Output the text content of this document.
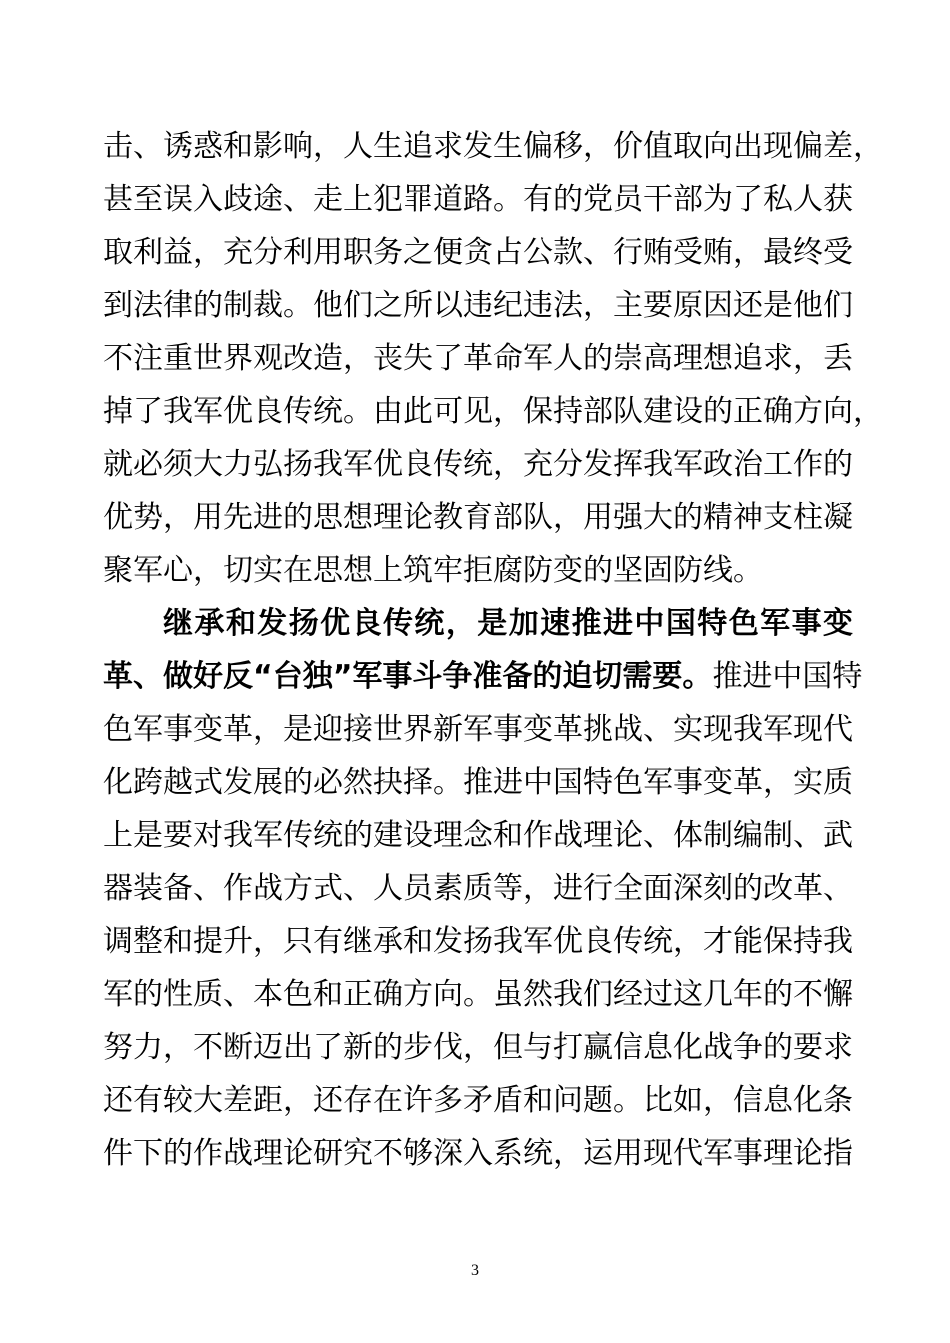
击、诱惑和影响，人生追求发生偏移，价值取向出现偏差，
甚至误入歧途、走上犯罪道路。有的党员干部为了私人获
取利益，充分利用职务之便贪占公款、行贿受贿，最终受
到法律的制裁。他们之所以违纪违法，主要原因还是他们
不注重世界观改造，丧失了革命军人的崇高理想追求，丢
掉了我军优良传统。由此可见，保持部队建设的正确方向，
就必须大力弘扬我军优良传统，充分发挥我军政治工作的
优势，用先进的思想理论教育部队，用强大的精神支柱凝
聚军心，切实在思想上筑牢拒腐防变的坚固防线。
继承和发扬优良传统，是加速推进中国特色军事变
革、做好反“台独”军事斗争准备的迫切需要。推进中国特
色军事变革，是迎接世界新军事变革挑战、实现我军现代
化跨越式发展的必然抉择。推进中国特色军事变革，实质
上是要对我军传统的建设理念和作战理论、体制编制、武
器装备、作战方式、人员素质等，进行全面深刻的改革、
调整和提升，只有继承和发扬我军优良传统，才能保持我
军的性质、本色和正确方向。虽然我们经过这几年的不懈
努力，不断迈出了新的步伐，但与打赢信息化战争的要求
还有较大差距，还存在许多矛盾和问题。比如，信息化条
件下的作战理论研究不够深入系统，运用现代军事理论指
3
